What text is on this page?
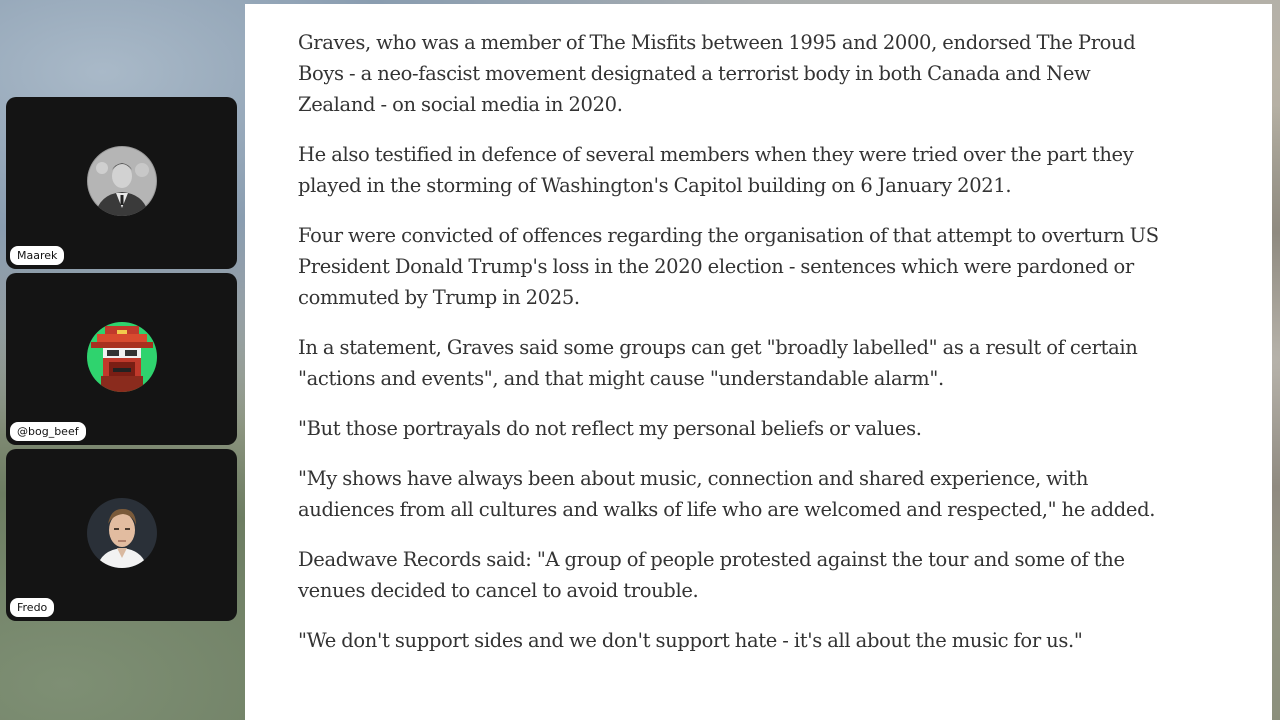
Maarek
@bog_beef
Fredo

Graves, who was a member of The Misfits between 1995 and 2000, endorsed The Proud Boys - a neo-fascist movement designated a terrorist body in both Canada and New Zealand - on social media in 2020.

He also testified in defence of several members when they were tried over the part they played in the storming of Washington's Capitol building on 6 January 2021.

Four were convicted of offences regarding the organisation of that attempt to overturn US President Donald Trump's loss in the 2020 election - sentences which were pardoned or commuted by Trump in 2025.

In a statement, Graves said some groups can get "broadly labelled" as a result of certain "actions and events", and that might cause "understandable alarm".

"But those portrayals do not reflect my personal beliefs or values.

"My shows have always been about music, connection and shared experience, with audiences from all cultures and walks of life who are welcomed and respected," he added.

Deadwave Records said: "A group of people protested against the tour and some of the venues decided to cancel to avoid trouble.

"We don't support sides and we don't support hate - it's all about the music for us."
